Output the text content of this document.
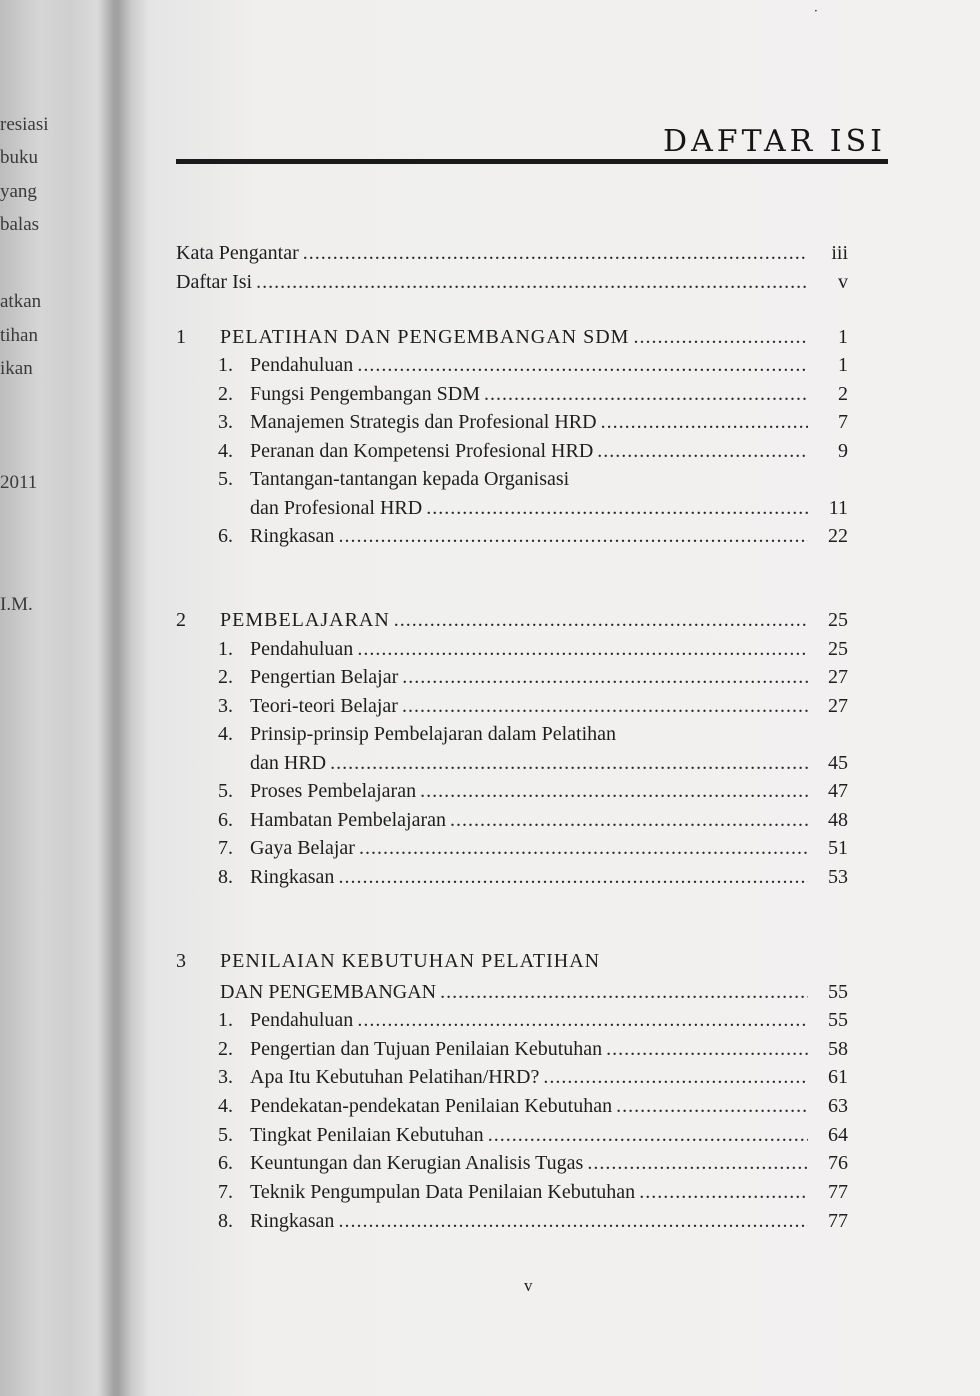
·
resiasi
buku
yang
balas
atkan
tihan
ikan
2011
I.M.
DAFTAR ISI
Kata Pengantar .....	iii
Daftar Isi .....	v
1	PELATIHAN DAN PENGEMBANGAN SDM .....	1
1. Pendahuluan .....	1
2. Fungsi Pengembangan SDM .....	2
3. Manajemen Strategis dan Profesional HRD .....	7
4. Peranan dan Kompetensi Profesional HRD .....	9
5. Tantangan-tantangan kepada Organisasi
dan Profesional HRD .....	11
6. Ringkasan .....	22
2	PEMBELAJARAN .....	25
1. Pendahuluan .....	25
2. Pengertian Belajar .....	27
3. Teori-teori Belajar .....	27
4. Prinsip-prinsip Pembelajaran dalam Pelatihan
dan HRD .....	45
5. Proses Pembelajaran .....	47
6. Hambatan Pembelajaran .....	48
7. Gaya Belajar .....	51
8. Ringkasan .....	53
3	PENILAIAN KEBUTUHAN PELATIHAN
DAN PENGEMBANGAN .....	55
1. Pendahuluan .....	55
2. Pengertian dan Tujuan Penilaian Kebutuhan .....	58
3. Apa Itu Kebutuhan Pelatihan/HRD? .....	61
4. Pendekatan-pendekatan Penilaian Kebutuhan .....	63
5. Tingkat Penilaian Kebutuhan .....	64
6. Keuntungan dan Kerugian Analisis Tugas .....	76
7. Teknik Pengumpulan Data Penilaian Kebutuhan .....	77
8. Ringkasan .....	77
v
